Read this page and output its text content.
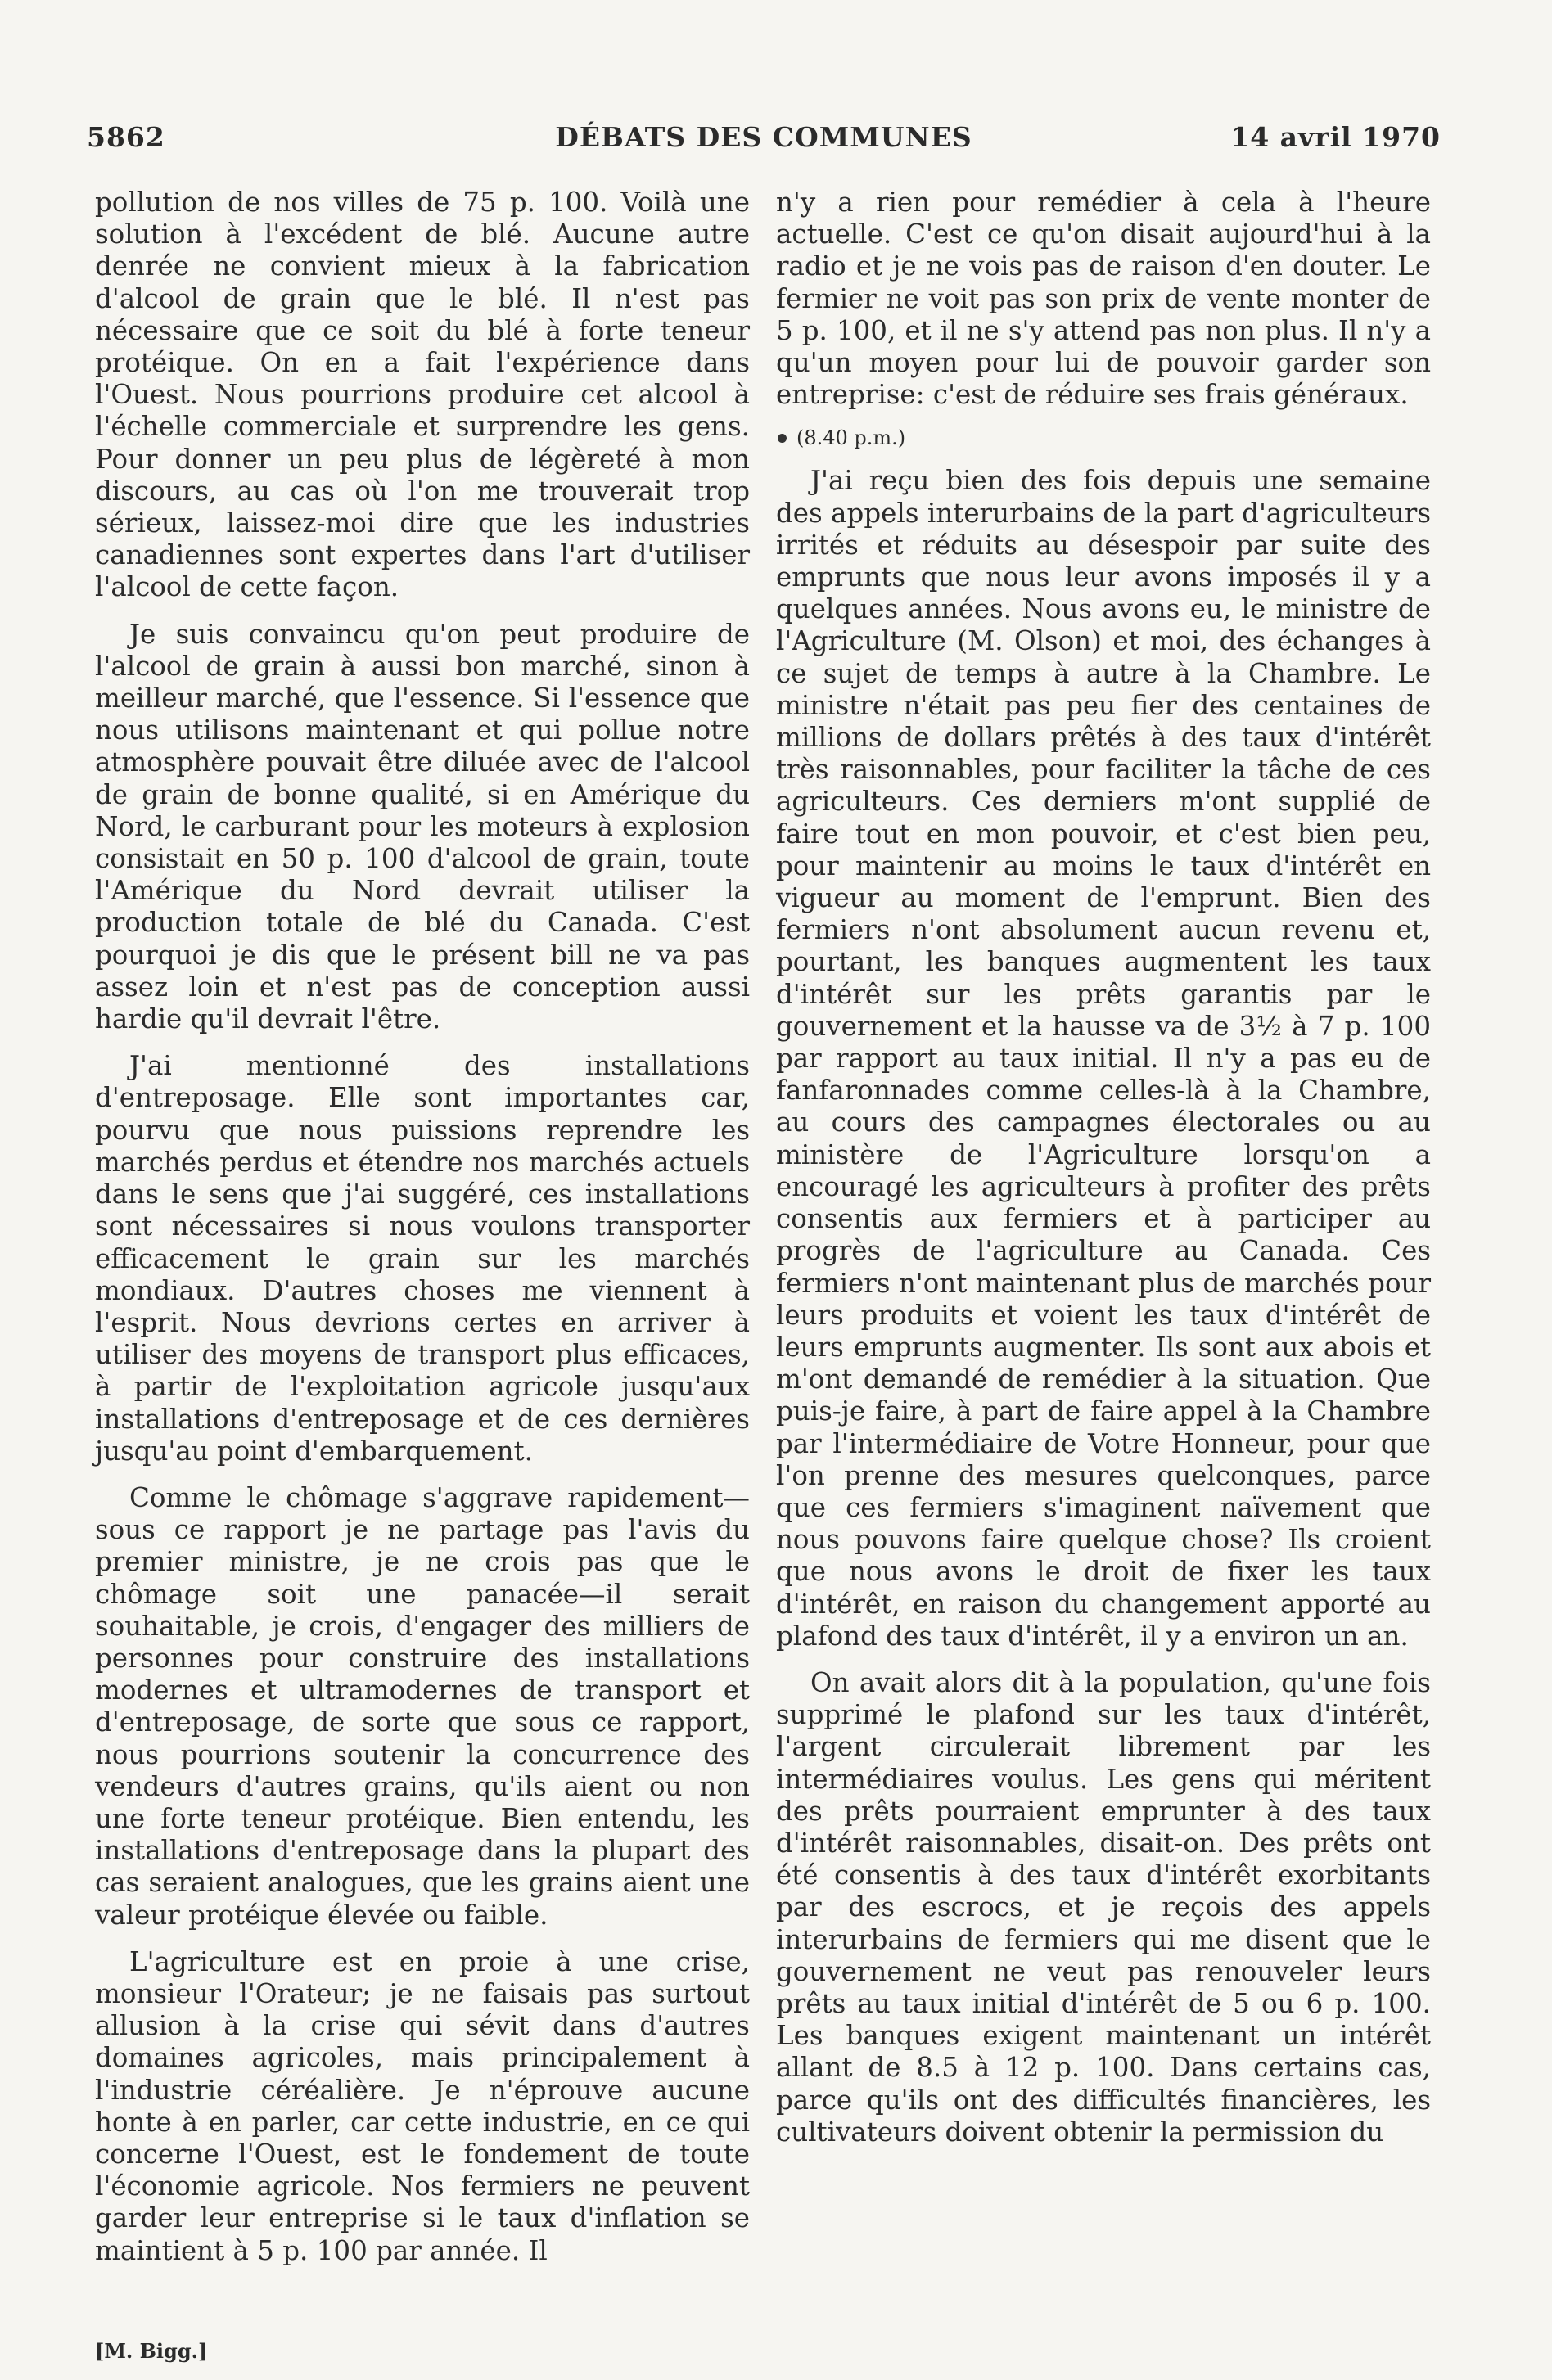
5862	DÉBATS DES COMMUNES	14 avril 1970

pollution de nos villes de 75 p. 100. Voilà une solution à l'excédent de blé. Aucune autre denrée ne convient mieux à la fabrication d'alcool de grain que le blé. Il n'est pas nécessaire que ce soit du blé à forte teneur protéique. On en a fait l'expérience dans l'Ouest. Nous pourrions produire cet alcool à l'échelle commerciale et surprendre les gens. Pour donner un peu plus de légèreté à mon discours, au cas où l'on me trouverait trop sérieux, laissez-moi dire que les industries canadiennes sont expertes dans l'art d'utiliser l'alcool de cette façon.

Je suis convaincu qu'on peut produire de l'alcool de grain à aussi bon marché, sinon à meilleur marché, que l'essence. Si l'essence que nous utilisons maintenant et qui pollue notre atmosphère pouvait être diluée avec de l'alcool de grain de bonne qualité, si en Amérique du Nord, le carburant pour les moteurs à explosion consistait en 50 p. 100 d'alcool de grain, toute l'Amérique du Nord devrait utiliser la production totale de blé du Canada. C'est pourquoi je dis que le présent bill ne va pas assez loin et n'est pas de conception aussi hardie qu'il devrait l'être.

J'ai mentionné des installations d'entreposage. Elle sont importantes car, pourvu que nous puissions reprendre les marchés perdus et étendre nos marchés actuels dans le sens que j'ai suggéré, ces installations sont nécessaires si nous voulons transporter efficacement le grain sur les marchés mondiaux. D'autres choses me viennent à l'esprit. Nous devrions certes en arriver à utiliser des moyens de transport plus efficaces, à partir de l'exploitation agricole jusqu'aux installations d'entreposage et de ces dernières jusqu'au point d'embarquement.

Comme le chômage s'aggrave rapidement—sous ce rapport je ne partage pas l'avis du premier ministre, je ne crois pas que le chômage soit une panacée—il serait souhaitable, je crois, d'engager des milliers de personnes pour construire des installations modernes et ultramodernes de transport et d'entreposage, de sorte que sous ce rapport, nous pourrions soutenir la concurrence des vendeurs d'autres grains, qu'ils aient ou non une forte teneur protéique. Bien entendu, les installations d'entreposage dans la plupart des cas seraient analogues, que les grains aient une valeur protéique élevée ou faible.

L'agriculture est en proie à une crise, monsieur l'Orateur; je ne faisais pas surtout allusion à la crise qui sévit dans d'autres domaines agricoles, mais principalement à l'industrie céréalière. Je n'éprouve aucune honte à en parler, car cette industrie, en ce qui concerne l'Ouest, est le fondement de toute l'économie agricole. Nos fermiers ne peuvent garder leur entreprise si le taux d'inflation se maintient à 5 p. 100 par année. Il

n'y a rien pour remédier à cela à l'heure actuelle. C'est ce qu'on disait aujourd'hui à la radio et je ne vois pas de raison d'en douter. Le fermier ne voit pas son prix de vente monter de 5 p. 100, et il ne s'y attend pas non plus. Il n'y a qu'un moyen pour lui de pouvoir garder son entreprise: c'est de réduire ses frais généraux.

(8.40 p.m.)

J'ai reçu bien des fois depuis une semaine des appels interurbains de la part d'agriculteurs irrités et réduits au désespoir par suite des emprunts que nous leur avons imposés il y a quelques années. Nous avons eu, le ministre de l'Agriculture (M. Olson) et moi, des échanges à ce sujet de temps à autre à la Chambre. Le ministre n'était pas peu fier des centaines de millions de dollars prêtés à des taux d'intérêt très raisonnables, pour faciliter la tâche de ces agriculteurs. Ces derniers m'ont supplié de faire tout en mon pouvoir, et c'est bien peu, pour maintenir au moins le taux d'intérêt en vigueur au moment de l'emprunt. Bien des fermiers n'ont absolument aucun revenu et, pourtant, les banques augmentent les taux d'intérêt sur les prêts garantis par le gouvernement et la hausse va de 3½ à 7 p. 100 par rapport au taux initial. Il n'y a pas eu de fanfaronnades comme celles-là à la Chambre, au cours des campagnes électorales ou au ministère de l'Agriculture lorsqu'on a encouragé les agriculteurs à profiter des prêts consentis aux fermiers et à participer au progrès de l'agriculture au Canada. Ces fermiers n'ont maintenant plus de marchés pour leurs produits et voient les taux d'intérêt de leurs emprunts augmenter. Ils sont aux abois et m'ont demandé de remédier à la situation. Que puis-je faire, à part de faire appel à la Chambre par l'intermédiaire de Votre Honneur, pour que l'on prenne des mesures quelconques, parce que ces fermiers s'imaginent naïvement que nous pouvons faire quelque chose? Ils croient que nous avons le droit de fixer les taux d'intérêt, en raison du changement apporté au plafond des taux d'intérêt, il y a environ un an.

On avait alors dit à la population, qu'une fois supprimé le plafond sur les taux d'intérêt, l'argent circulerait librement par les intermédiaires voulus. Les gens qui méritent des prêts pourraient emprunter à des taux d'intérêt raisonnables, disait-on. Des prêts ont été consentis à des taux d'intérêt exorbitants par des escrocs, et je reçois des appels interurbains de fermiers qui me disent que le gouvernement ne veut pas renouveler leurs prêts au taux initial d'intérêt de 5 ou 6 p. 100. Les banques exigent maintenant un intérêt allant de 8.5 à 12 p. 100. Dans certains cas, parce qu'ils ont des difficultés financières, les cultivateurs doivent obtenir la permission du

[M. Bigg.]
